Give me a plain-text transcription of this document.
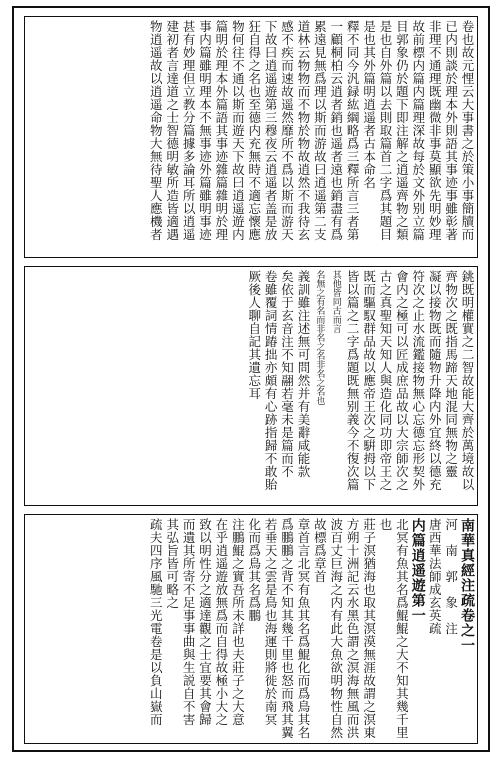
卷也故元悝云大事書之於策小事簡牘而
已内則談於理本外則語其事迹事雖彰著
非理不通理既幽微非事莫顯欲先明妙理
故前標内篇内篇理深故每於文外别立篇
目郭象仍於題下即注解之逍遥齊物之類
是也自外篇以去則取篇首二字爲其題目
是也其外篇明逍遥者古本命名
釋不同今汎録紘綱略爲三釋所言三者第
一顧桐柏云逍者銷也遥者遠也銷盡有爲
累遠見無爲理以斯而游故曰逍遥第二支
道林云物物而不物於物故逍然不我待玄
感不疾而速故遥然靡所不爲以斯而游天
下故曰逍遥遊第三穆夜云逍遥者盖是放
狂自得之名也至德内充無時不適忘懷應
物何往不通以斯而遊天下故曰逍遥遊内
篇明於理本外篇語其事迹雜篇雜明於理
事内篇雖明理本不無事迹外篇雖明事迹
甚有妙理但立教分篇據多論耳所以逍遥
建初者言達道之士智德明敏所造皆適遇
物逍遥故以逍遥命物大無待聖人應機者
銚既明權實之二智故能大齊於萬境故以
齊物次之既指馬蹄天地混同無物之靈
凝以接物既而隨物升降内外宜終以德充
符次之止水流鑑接物無心忘德忘形契外
會内之極可以匠成庶品故以大宗師次之
古之真聖知天知人與造化同功即帝王之
既而驅馭群品故以應帝王次之騈拇以下
皆以篇之二字爲題既無别義今不復次篇
其他皆同古而言
名無之有名而非名之名非名之名也
義訓雖注述無可問然并有美辭咸能款
矣依于玄音注不知翮若毫未是篇而不
卷雖覆詞情踳拙亦頗有心跡指歸不敢貽
厥後人聊自記其遺忘耳
南華真經注疏卷之一
河　南　郭　象　注
唐西華法師成玄英疏
内篇逍遥遊第一
北冥有魚其名爲鯤鯤之大不知其幾千里
也
莊子溟猶海也取其溟漠無涯故謂之溟東
方朔十洲記云水黑色謂之溟海無風而洪
波百丈巨海之内有此大魚欲明物性自然
故標爲章首
章首言北冥有魚其名爲鯤化而爲鳥其名
爲鵬鵬之背不知其幾千里也怒而飛其翼
若垂天之雲是鳥也海運則將徙於南冥
化而爲鳥其名爲鵬
注鵬鯤之實吾所未詳也夫莊子之大意
在乎逍遥遊放無爲而自得故極小大之
致以明性分之適達觀之士宜要其會歸
而遺其所寄不足事事曲與生説自不害
其弘旨皆可略之
疏夫四序風馳三光電卷是以負山嶽而
